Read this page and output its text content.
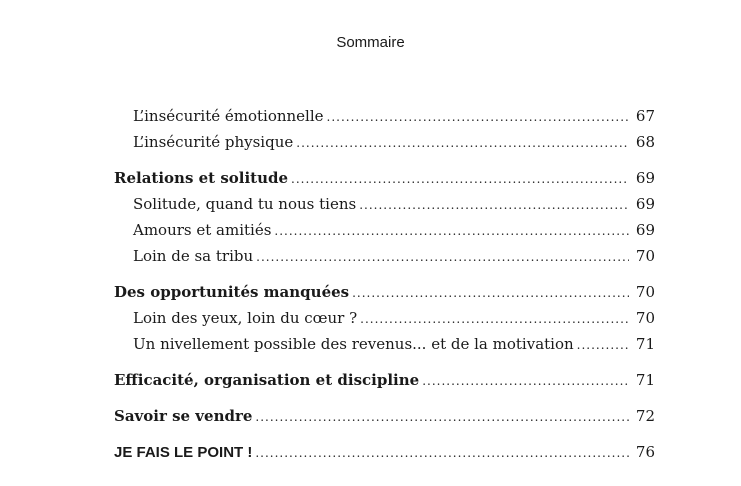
Sommaire
L’insécurité émotionnelle .....	67
L’insécurité physique .....	68
Relations et solitude .....	69
Solitude, quand tu nous tiens .....	69
Amours et amitiés .....	69
Loin de sa tribu .....	70
Des opportunités manquées .....	70
Loin des yeux, loin du cœur ? .....	70
Un nivellement possible des revenus... et de la motivation .....	71
Efficacité, organisation et discipline .....	71
Savoir se vendre .....	72
JE FAIS LE POINT ! .....	76
